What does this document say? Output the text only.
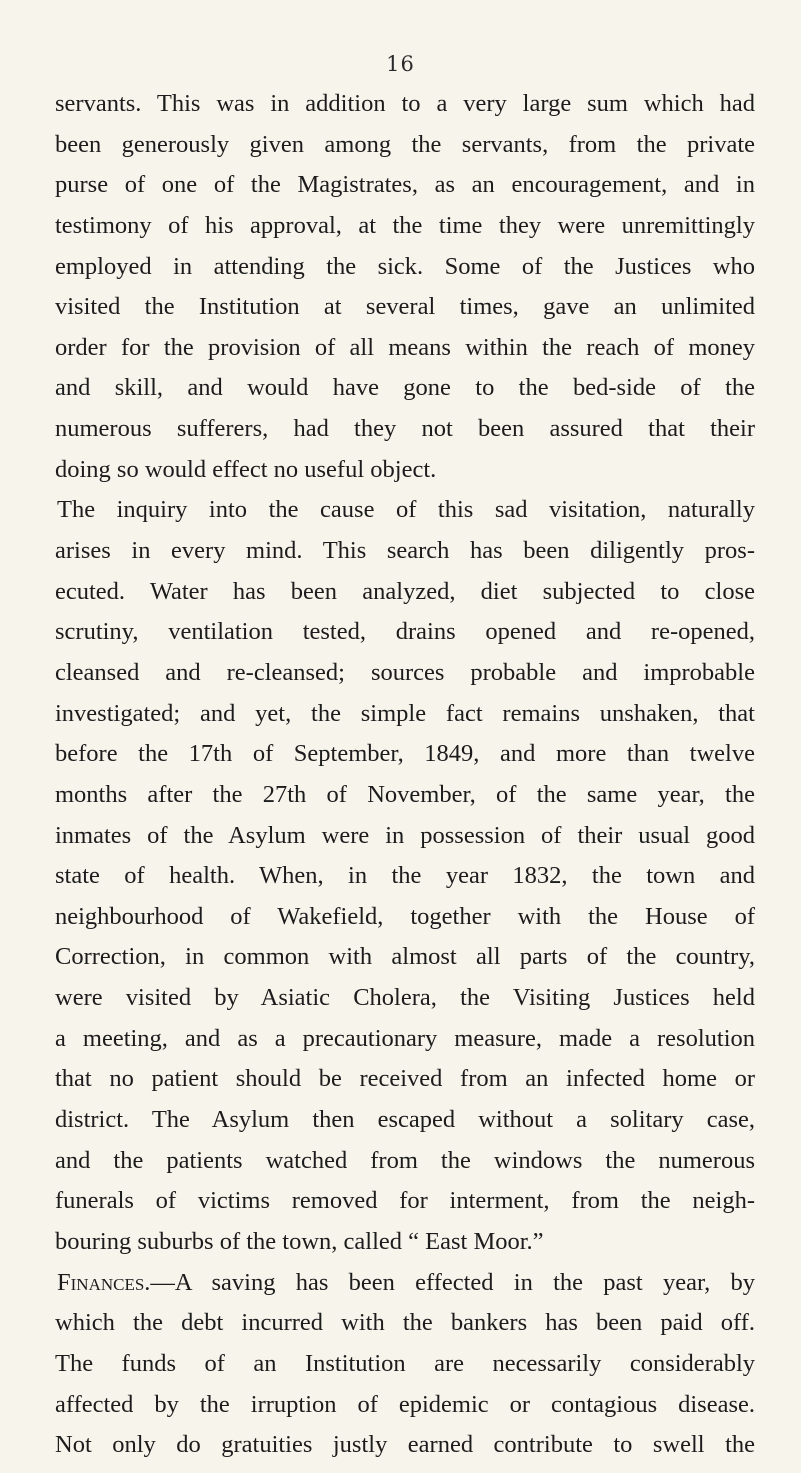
16
servants. This was in addition to a very large sum which had
been generously given among the servants, from the private
purse of one of the Magistrates, as an encouragement, and in
testimony of his approval, at the time they were unremittingly
employed in attending the sick. Some of the Justices who
visited the Institution at several times, gave an unlimited
order for the provision of all means within the reach of money
and skill, and would have gone to the bed-side of the
numerous sufferers, had they not been assured that their
doing so would effect no useful object.
The inquiry into the cause of this sad visitation, naturally
arises in every mind. This search has been diligently pros-
ecuted. Water has been analyzed, diet subjected to close
scrutiny, ventilation tested, drains opened and re-opened,
cleansed and re-cleansed; sources probable and improbable
investigated; and yet, the simple fact remains unshaken, that
before the 17th of September, 1849, and more than twelve
months after the 27th of November, of the same year, the
inmates of the Asylum were in possession of their usual good
state of health. When, in the year 1832, the town and
neighbourhood of Wakefield, together with the House of
Correction, in common with almost all parts of the country,
were visited by Asiatic Cholera, the Visiting Justices held
a meeting, and as a precautionary measure, made a resolution
that no patient should be received from an infected home or
district. The Asylum then escaped without a solitary case,
and the patients watched from the windows the numerous
funerals of victims removed for interment, from the neigh-
bouring suburbs of the town, called “ East Moor.”
Finances.—A saving has been effected in the past year, by
which the debt incurred with the bankers has been paid off.
The funds of an Institution are necessarily considerably
affected by the irruption of epidemic or contagious disease.
Not only do gratuities justly earned contribute to swell the
